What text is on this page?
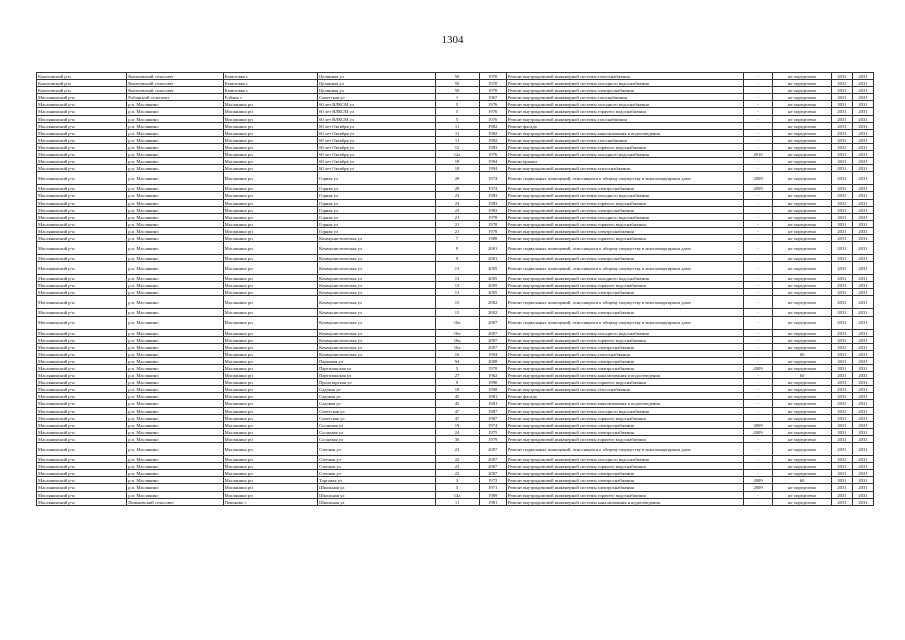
1304
Кыштовский р-н	Кыштовский сельсовет	Кыштовка с	Целинная ул	50	1970	Ремонт внутридомовой инженерной системы теплоснабжения	-	не определено	2031	2031
Кыштовский р-н	Кыштовский сельсовет	Кыштовка с	Целинная ул	50	1970	Ремонт внутридомовой инженерной системы холодного водоснабжения	-	не определено	2031	2031
Кыштовский р-н	Кыштовский сельсовет	Кыштовка с	Целинная ул	50	1970	Ремонт внутридомовой инженерной системы электроснабжения	-	не определено	2031	2031
Маслянинский р-н	Елбанский сельсовет	Елбань с	Советская ул	1	1967	Ремонт внутридомовой инженерной системы газоснабжения	-	не определено	2031	2031
Маслянинский р-н	р.п. Маслянино	Маслянино рп	60 лет ВЛКСМ ул	5	1976	Ремонт внутридомовой инженерной системы холодного водоснабжения	-	не определено	2031	2031
Маслянинский р-н	р.п. Маслянино	Маслянино рп	60 лет ВЛКСМ ул	5	1976	Ремонт внутридомовой инженерной системы горячего водоснабжения	-	не определено	2031	2031
Маслянинский р-н	р.п. Маслянино	Маслянино рп	60 лет ВЛКСМ ул	5	1976	Ремонт внутридомовой инженерной системы газоснабжения	-	не определено	2031	2031
Маслянинский р-н	р.п. Маслянино	Маслянино рп	60 лет Октября ул	11	1982	Ремонт фасада	-	не определено	2031	2031
Маслянинский р-н	р.п. Маслянино	Маслянино рп	60 лет Октября ул	11	1982	Ремонт внутридомовой инженерной системы канализования и водоотведения	-	не определено	2031	2031
Маслянинский р-н	р.п. Маслянино	Маслянино рп	60 лет Октября ул	11	1982	Ремонт внутридомовой инженерной системы газоснабжения	-	не определено	2031	2031
Маслянинский р-н	р.п. Маслянино	Маслянино рп	60 лет Октября ул	12	1983	Ремонт внутридомовой инженерной системы горячего водоснабжения	-	не определено	2031	2031
Маслянинский р-н	р.п. Маслянино	Маслянино рп	60 лет Октября ул	12а	1976	Ремонт внутридомовой инженерной системы холодного водоснабжения	2010	не определено	2031	2031
Маслянинский р-н	р.п. Маслянино	Маслянино рп	60 лет Октября ул	18	1994	Ремонт крыши	-	не определено	2031	2031
Маслянинский р-н	р.п. Маслянино	Маслянино рп	60 лет Октября ул	18	1994	Ремонт внутридомовой инженерной системы теплоснабжения	-	не определено	2031	2031
Маслянинский р-н	р.п. Маслянино	Маслянино рп	Горная ул	28	1974	Ремонт подвальных помещений, относящихся к общему имуществу в многоквартирном доме	2009	не определено	2031	2031
Маслянинский р-н	р.п. Маслянино	Маслянино рп	Горная ул	28	1974	Ремонт внутридомовой инженерной системы электроснабжения	2009	не определено	2031	2031
Маслянинский р-н	р.п. Маслянино	Маслянино рп	Горная ул	23	1983	Ремонт внутридомовой инженерной системы холодного водоснабжения	-	не определено	2031	2031
Маслянинский р-н	р.п. Маслянино	Маслянино рп	Горная ул	23	1983	Ремонт внутридомовой инженерной системы горячего водоснабжения	-	не определено	2031	2031
Маслянинский р-н	р.п. Маслянино	Маслянино рп	Горная ул	23	1983	Ремонт внутридомовой инженерной системы электроснабжения	-	не определено	2031	2031
Маслянинский р-н	р.п. Маслянино	Маслянино рп	Горная ул	21	1978	Ремонт внутридомовой инженерной системы холодного водоснабжения	-	не определено	2031	2031
Маслянинский р-н	р.п. Маслянино	Маслянино рп	Горная ул	21	1978	Ремонт внутридомовой инженерной системы горячего водоснабжения	-	не определено	2031	2031
Маслянинский р-н	р.п. Маслянино	Маслянино рп	Горная ул	21	1978	Ремонт внутридомовой инженерной системы электроснабжения	-	не определено	2031	2031
Маслянинский р-н	р.п. Маслянино	Маслянино рп	Коммунистическая ул	7	1988	Ремонт внутридомовой инженерной системы горячего водоснабжения	-	не определено	2031	2031
Маслянинский р-н	р.п. Маслянино	Маслянино рп	Коммунистическая ул	9	2001	Ремонт подвальных помещений, относящихся к общему имуществу в многоквартирном доме	-	не определено	2031	2031
Маслянинский р-н	р.п. Маслянино	Маслянино рп	Коммунистическая ул	9	2001	Ремонт внутридомовой инженерной системы электроснабжения	-	не определено	2031	2031
Маслянинский р-н	р.п. Маслянино	Маслянино рп	Коммунистическая ул	13	2005	Ремонт подвальных помещений, относящихся к общему имуществу в многоквартирном доме	-	не определено	2031	2031
Маслянинский р-н	р.п. Маслянино	Маслянино рп	Коммунистическая ул	13	2005	Ремонт внутридомовой инженерной системы холодного водоснабжения	-	не определено	2031	2031
Маслянинский р-н	р.п. Маслянино	Маслянино рп	Коммунистическая ул	13	2005	Ремонт внутридомовой инженерной системы горячего водоснабжения	-	не определено	2031	2031
Маслянинский р-н	р.п. Маслянино	Маслянино рп	Коммунистическая ул	13	2005	Ремонт внутридомовой инженерной системы электроснабжения	-	не определено	2031	2031
Маслянинский р-н	р.п. Маслянино	Маслянино рп	Коммунистическая ул	15	2002	Ремонт подвальных помещений, относящихся к общему имуществу в многоквартирном доме	-	не определено	2031	2031
Маслянинский р-н	р.п. Маслянино	Маслянино рп	Коммунистическая ул	15	2002	Ремонт внутридомовой инженерной системы электроснабжения	-	не определено	2031	2031
Маслянинский р-н	р.п. Маслянино	Маслянино рп	Коммунистическая ул	16а	2007	Ремонт подвальных помещений, относящихся к общему имуществу в многоквартирном доме	-	не определено	2031	2031
Маслянинский р-н	р.п. Маслянино	Маслянино рп	Коммунистическая ул	16а	2007	Ремонт внутридомовой инженерной системы холодного водоснабжения	-	не определено	2031	2031
Маслянинский р-н	р.п. Маслянино	Маслянино рп	Коммунистическая ул	16а	2007	Ремонт внутридомовой инженерной системы горячего водоснабжения	-	не определено	2031	2031
Маслянинский р-н	р.п. Маслянино	Маслянино рп	Коммунистическая ул	16а	2007	Ремонт внутридомовой инженерной системы электроснабжения	-	не определено	2031	2031
Маслянинский р-н	р.п. Маслянино	Маслянино рп	Коммунистическая ул	16	1994	Ремонт внутридомовой инженерной системы теплоснабжения	-	60	2031	2031
Маслянинский р-н	р.п. Маслянино	Маслянино рп	Парковая ул	94	2008	Ремонт внутридомовой инженерной системы электроснабжения	-	не определено	2031	2031
Маслянинский р-н	р.п. Маслянино	Маслянино рп	Партизанская ул	5	1970	Ремонт внутридомовой инженерной системы электроснабжения	2009	не определено	2031	2031
Маслянинский р-н	р.п. Маслянино	Маслянино рп	Партизанская ул	27	1962	Ремонт внутридомовой инженерной системы канализования и водоотведения	-	60	2031	2031
Маслянинский р-н	р.п. Маслянино	Маслянино рп	Пролетарская ул	9	1990	Ремонт внутридомовой инженерной системы горячего водоснабжения	-	не определено	2031	2031
Маслянинский р-н	р.п. Маслянино	Маслянино рп	Садовая ул	18	1998	Ремонт внутридомовой инженерной системы теплоснабжения	-	не определено	2031	2031
Маслянинский р-н	р.п. Маслянино	Маслянино рп	Садовая ул	45	1981	Ремонт фасада	-	не определено	2031	2031
Маслянинский р-н	р.п. Маслянино	Маслянино рп	Садовая ул	45	1981	Ремонт внутридомовой инженерной системы канализования и водоотведения	-	не определено	2031	2031
Маслянинский р-н	р.п. Маслянино	Маслянино рп	Советская ул	47	1987	Ремонт внутридомовой инженерной системы холодного водоснабжения	-	не определено	2031	2031
Маслянинский р-н	р.п. Маслянино	Маслянино рп	Советская ул	47	1987	Ремонт внутридомовой инженерной системы горячего водоснабжения	-	не определено	2031	2031
Маслянинский р-н	р.п. Маслянино	Маслянино рп	Сосновая ул	19	1974	Ремонт внутридомовой инженерной системы электроснабжения	2009	не определено	2031	2031
Маслянинский р-н	р.п. Маслянино	Маслянино рп	Сосновая ул	24	1975	Ремонт внутридомовой инженерной системы электроснабжения	2009	не определено	2031	2031
Маслянинский р-н	р.п. Маслянино	Маслянино рп	Сосновая ул	36	1979	Ремонт внутридомовой инженерной системы горячего водоснабжения	-	не определено	2031	2031
Маслянинский р-н	р.п. Маслянино	Маслянино рп	Степная ул	22	2007	Ремонт подвальных помещений, относящихся к общему имуществу в многоквартирном доме	-	не определено	2031	2031
Маслянинский р-н	р.п. Маслянино	Маслянино рп	Степная ул	22	2007	Ремонт внутридомовой инженерной системы холодного водоснабжения	-	не определено	2031	2031
Маслянинский р-н	р.п. Маслянино	Маслянино рп	Степная ул	22	2007	Ремонт внутридомовой инженерной системы горячего водоснабжения	-	не определено	2031	2031
Маслянинский р-н	р.п. Маслянино	Маслянино рп	Степная ул	22	2007	Ремонт внутридомовой инженерной системы электроснабжения	-	не определено	2031	2031
Маслянинский р-н	р.п. Маслянино	Маслянино рп	Торговая ул	3	1973	Ремонт внутридомовой инженерной системы электроснабжения	2009	60	2031	2031
Маслянинский р-н	р.п. Маслянино	Маслянино рп	Школьная ул	5	1971	Ремонт внутридомовой инженерной системы электроснабжения	2009	не определено	2031	2031
Маслянинский р-н	р.п. Маслянино	Маслянино рп	Школьная ул	14а	1989	Ремонт внутридомовой инженерной системы горячего водоснабжения	-	не определено	2031	2031
Маслянинский р-н	Пеньковский сельсовет	Пеньково с	Школьная ул	11	1981	Ремонт внутридомовой инженерной системы канализования и водоотведения	-	не определено	2031	2031
